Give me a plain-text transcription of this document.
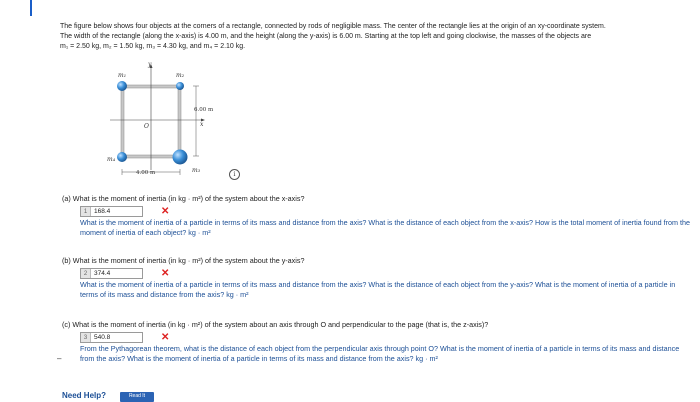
The figure below shows four objects at the corners of a rectangle, connected by rods of negligible mass. The center of the rectangle lies at the origin of an xy-coordinate system.

The width of the rectangle (along the x-axis) is 4.00 m, and the height (along the y-axis) is 6.00 m. Starting at the top left and going clockwise, the masses of the objects are

m₁ = 2.50 kg, m₂ = 1.50 kg, m₃ = 4.30 kg, and m₄ = 2.10 kg.

m₁	m₂
m₄
m₃
y
x
O
6.00 m
4.00 m	i

(a) What is the moment of inertia (in kg · m²) of the system about the x-axis?

1	168.4	✕

What is the moment of inertia of a particle in terms of its mass and distance from the axis? What is the distance of each object from the x-axis? How is the total moment of inertia found from the moment of inertia of each object? kg · m²

(b) What is the moment of inertia (in kg · m²) of the system about the y-axis?

2	374.4	✕

What is the moment of inertia of a particle in terms of its mass and distance from the axis? What is the distance of each object from the y-axis? What is the moment of inertia of a particle in terms of its mass and distance from the axis? kg · m²

(c) What is the moment of inertia (in kg · m²) of the system about an axis through O and perpendicular to the page (that is, the z-axis)?

3	540.8	✕

From the Pythagorean theorem, what is the distance of each object from the perpendicular axis through point O? What is the moment of inertia of a particle in terms of its mass and distance from the axis? What is the moment of inertia of a particle in terms of its mass and distance from the axis? kg · m²

–
Need Help?	Read It
